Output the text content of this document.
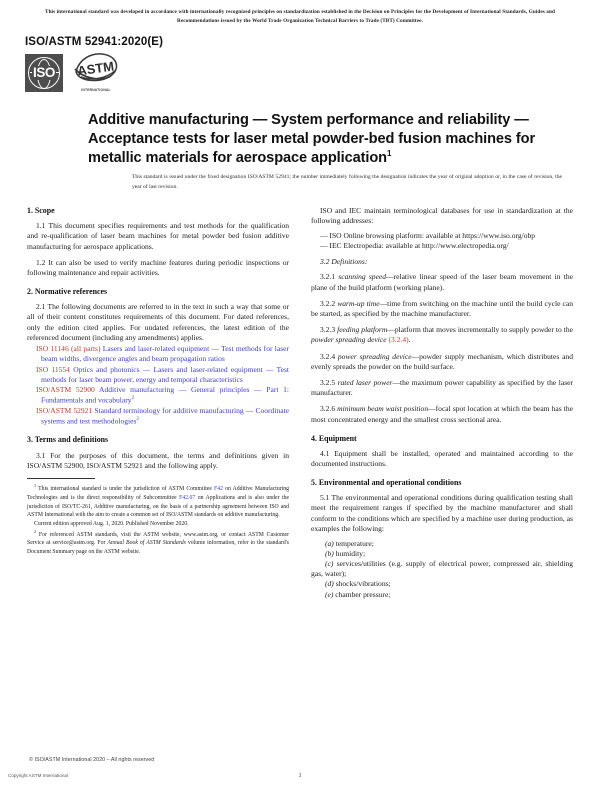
This international standard was developed in accordance with internationally recognized principles on standardization established in the Decision on Principles for the Development of International Standards, Guides and Recommendations issued by the World Trade Organization Technical Barriers to Trade (TBT) Committee.
ISO/ASTM 52941:2020(E)
ISO ASTM
INTERNATIONAL
Additive manufacturing — System performance and reliability — Acceptance tests for laser metal powder-bed fusion machines for metallic materials for aerospace application$^1$
This standard is issued under the fixed designation ISO/ASTM 52941; the number immediately following the designation indicates the year of original adoption or, in the case of revision, the year of last revision.
1. Scope

1.1 This document specifies requirements and test methods for the qualification and re-qualification of laser beam machines for metal powder bed fusion additive manufacturing for aerospace applications.

1.2 It can also be used to verify machine features during periodic inspections or following maintenance and repair activities.

2. Normative references

2.1 The following documents are referred to in the text in such a way that some or all of their content constitutes requirements of this document. For dated references, only the edition cited applies. For undated references, the latest edition of the referenced document (including any amendments) applies.

ISO 11146 (all parts) Lasers and laser-related equipment — Test methods for laser beam widths, divergence angles and beam propagation ratios
ISO 11554 Optics and photonics — Lasers and laser-related equipment — Test methods for laser beam power, energy and temporal characteristics
ISO/ASTM 52900 Additive manufacturing — General principles — Part 1: Fundamentals and vocabulary$^2$
ISO/ASTM 52921 Standard terminology for additive manufacturing — Coordinate systems and test methodologies$^2$
3. Terms and definitions

3.1 For the purposes of this document, the terms and definitions given in ISO/ASTM 52900, ISO/ASTM 52921 and the following apply.

$^1$ This international standard is under the jurisdiction of ASTM Committee F42 on Additive Manufacturing Technologies and is the direct responsibility of Subcommittee F42.07 on Applications and is also under the jurisdiction of ISO/TC-261, Additive manufacturing, on the basis of a partnership agreement between ISO and ASTM International with the aim to create a common set of ISO/ASTM standards on additive manufacturing.

Current edition approved Aug. 1, 2020. Published November 2020.

$^2$ For referenced ASTM standards, visit the ASTM website, www.astm.org, or contact ASTM Customer Service at service@astm.org. For Annual Book of ASTM Standards volume information, refer to the standard's Document Summary page on the ASTM website.

ISO and IEC maintain terminological databases for use in standardization at the following addresses:

— ISO Online browsing platform: available at https://www.iso.org/obp
— IEC Electropedia: available at http://www.electropedia.org/

3.2 Definitions:

3.2.1 scanning speed—relative linear speed of the laser beam movement in the plane of the build platform (working plane).

3.2.2 warm-up time—time from switching on the machine until the build cycle can be started, as specified by the machine manufacturer.

3.2.3 feeding platform—platform that moves incrementally to supply powder to the powder spreading device (3.2.4).

3.2.4 power spreading device—powder supply mechanism, which distributes and evenly spreads the powder on the build surface.

3.2.5 rated laser power—the maximum power capability as specified by the laser manufacturer.

3.2.6 minimum beam waist position—focal spot location at which the beam has the most concentrated energy and the smallest cross sectional area.

4. Equipment

4.1 Equipment shall be installed, operated and maintained according to the documented instructions.

5. Environmental and operational conditions

5.1 The environmental and operational conditions during qualification testing shall meet the requirement ranges if specified by the machine manufacturer and shall conform to the conditions which are specified by a machine user during production, as examples the following:

(a) temperature;
(b) humidity;
(c) services/utilities (e.g. supply of electrical power, compressed air, shielding gas, water);
(d) shocks/vibrations;
(e) chamber pressure;
© ISO/ASTM International 2020 – All rights reserved
Copyright ASTM International	1
